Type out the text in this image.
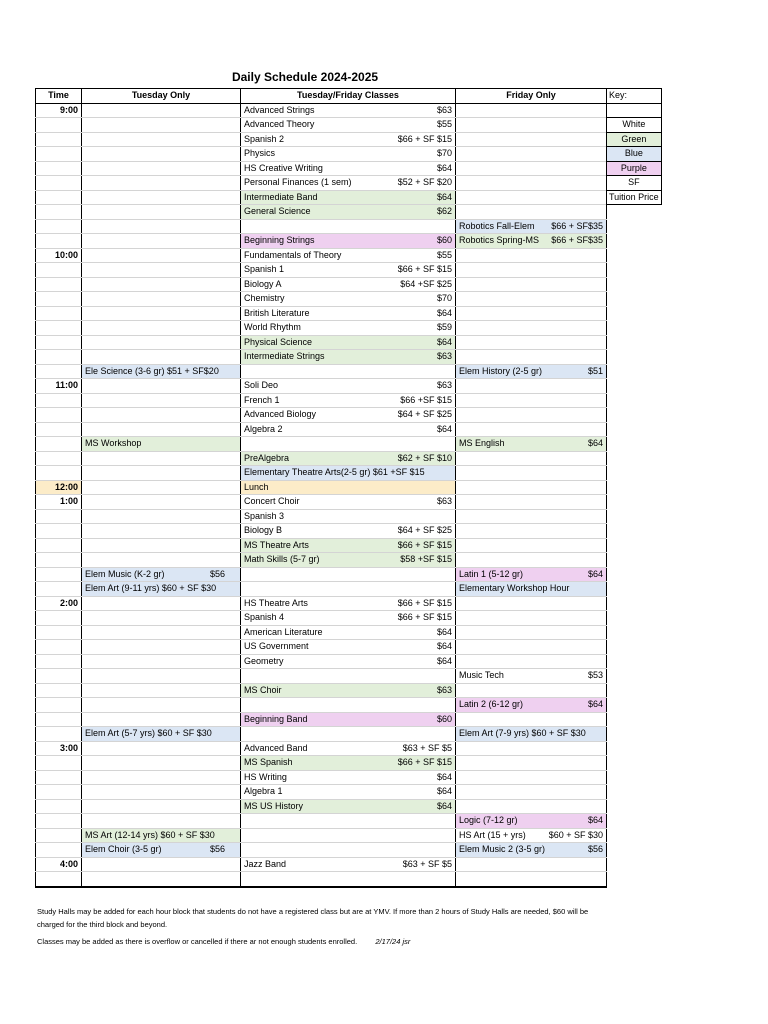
Daily Schedule 2024-2025
Time	Tuesday Only	Tuesday/Friday Classes	Friday Only
9:00		Advanced Strings $63	

		Advanced Theory $55	

		Spanish 2 $66 + SF $15	

		Physics $70	

		HS Creative Writing $64	

		Personal Finances (1 sem) $52 + SF $20	

		Intermediate Band $64	

		General Science $62	

			Robotics Fall-Elem $66 + SF$35

		Beginning Strings $60	Robotics Spring-MS $66 + SF$35

10:00		Fundamentals of Theory $55	

		Spanish 1 $66 + SF $15	

		Biology A $64 +SF $25	

		Chemistry $70	

		British Literature $64	

		World Rhythm $59	

		Physical Science $64	

		Intermediate Strings $63	

	Ele Science (3-6 gr) $51 + SF$20		Elem History (2-5 gr) $51

11:00		Soli Deo $63	

		French 1 $66 +SF $15	

		Advanced Biology $64 + SF $25	

		Algebra 2 $64	

	MS Workshop		MS English $64

		PreAlgebra $62 + SF $10	

		Elementary Theatre Arts(2-5 gr) $61 +SF $15	

12:00		Lunch	

1:00		Concert Choir $63	

		Spanish 3	

		Biology B $64 + SF $25	

		MS Theatre Arts $66 + SF $15	

		Math Skills (5-7 gr) $58 +SF $15	

	Elem Music (K-2 gr) $56		Latin 1 (5-12 gr) $64

	Elem Art (9-11 yrs) $60 + SF $30		Elementary Workshop Hour

2:00		HS Theatre Arts $66 + SF $15	

		Spanish 4 $66 + SF $15	

		American Literature $64	

		US Government $64	

		Geometry $64	

			Music Tech $53

		MS Choir $63	

			Latin 2 (6-12 gr) $64

		Beginning Band $60	

	Elem Art (5-7 yrs) $60 + SF $30		Elem Art (7-9 yrs) $60 + SF $30

3:00		Advanced Band $63 + SF $5	

		MS Spanish $66 + SF $15	

		HS Writing $64	

		Algebra 1 $64	

		MS US History $64	

			Logic (7-12 gr) $64

	MS Art (12-14 yrs) $60 + SF $30		HS Art (15 + yrs) $60 + SF $30

	Elem Choir (3-5 gr) $56		Elem Music 2 (3-5 gr) $56

4:00		Jazz Band $63 + SF $5	

Key:

White
Green
Blue
Purple
SF
Tuition Price
Study Halls may be added for each hour block that students do not have a registered class but are at YMV. If more than 2 hours of Study Halls are needed, $60 will be charged for the third block and beyond.
Classes may be added as there is overflow or cancelled if there ar not enough students enrolled. 2/17/24 jsr
